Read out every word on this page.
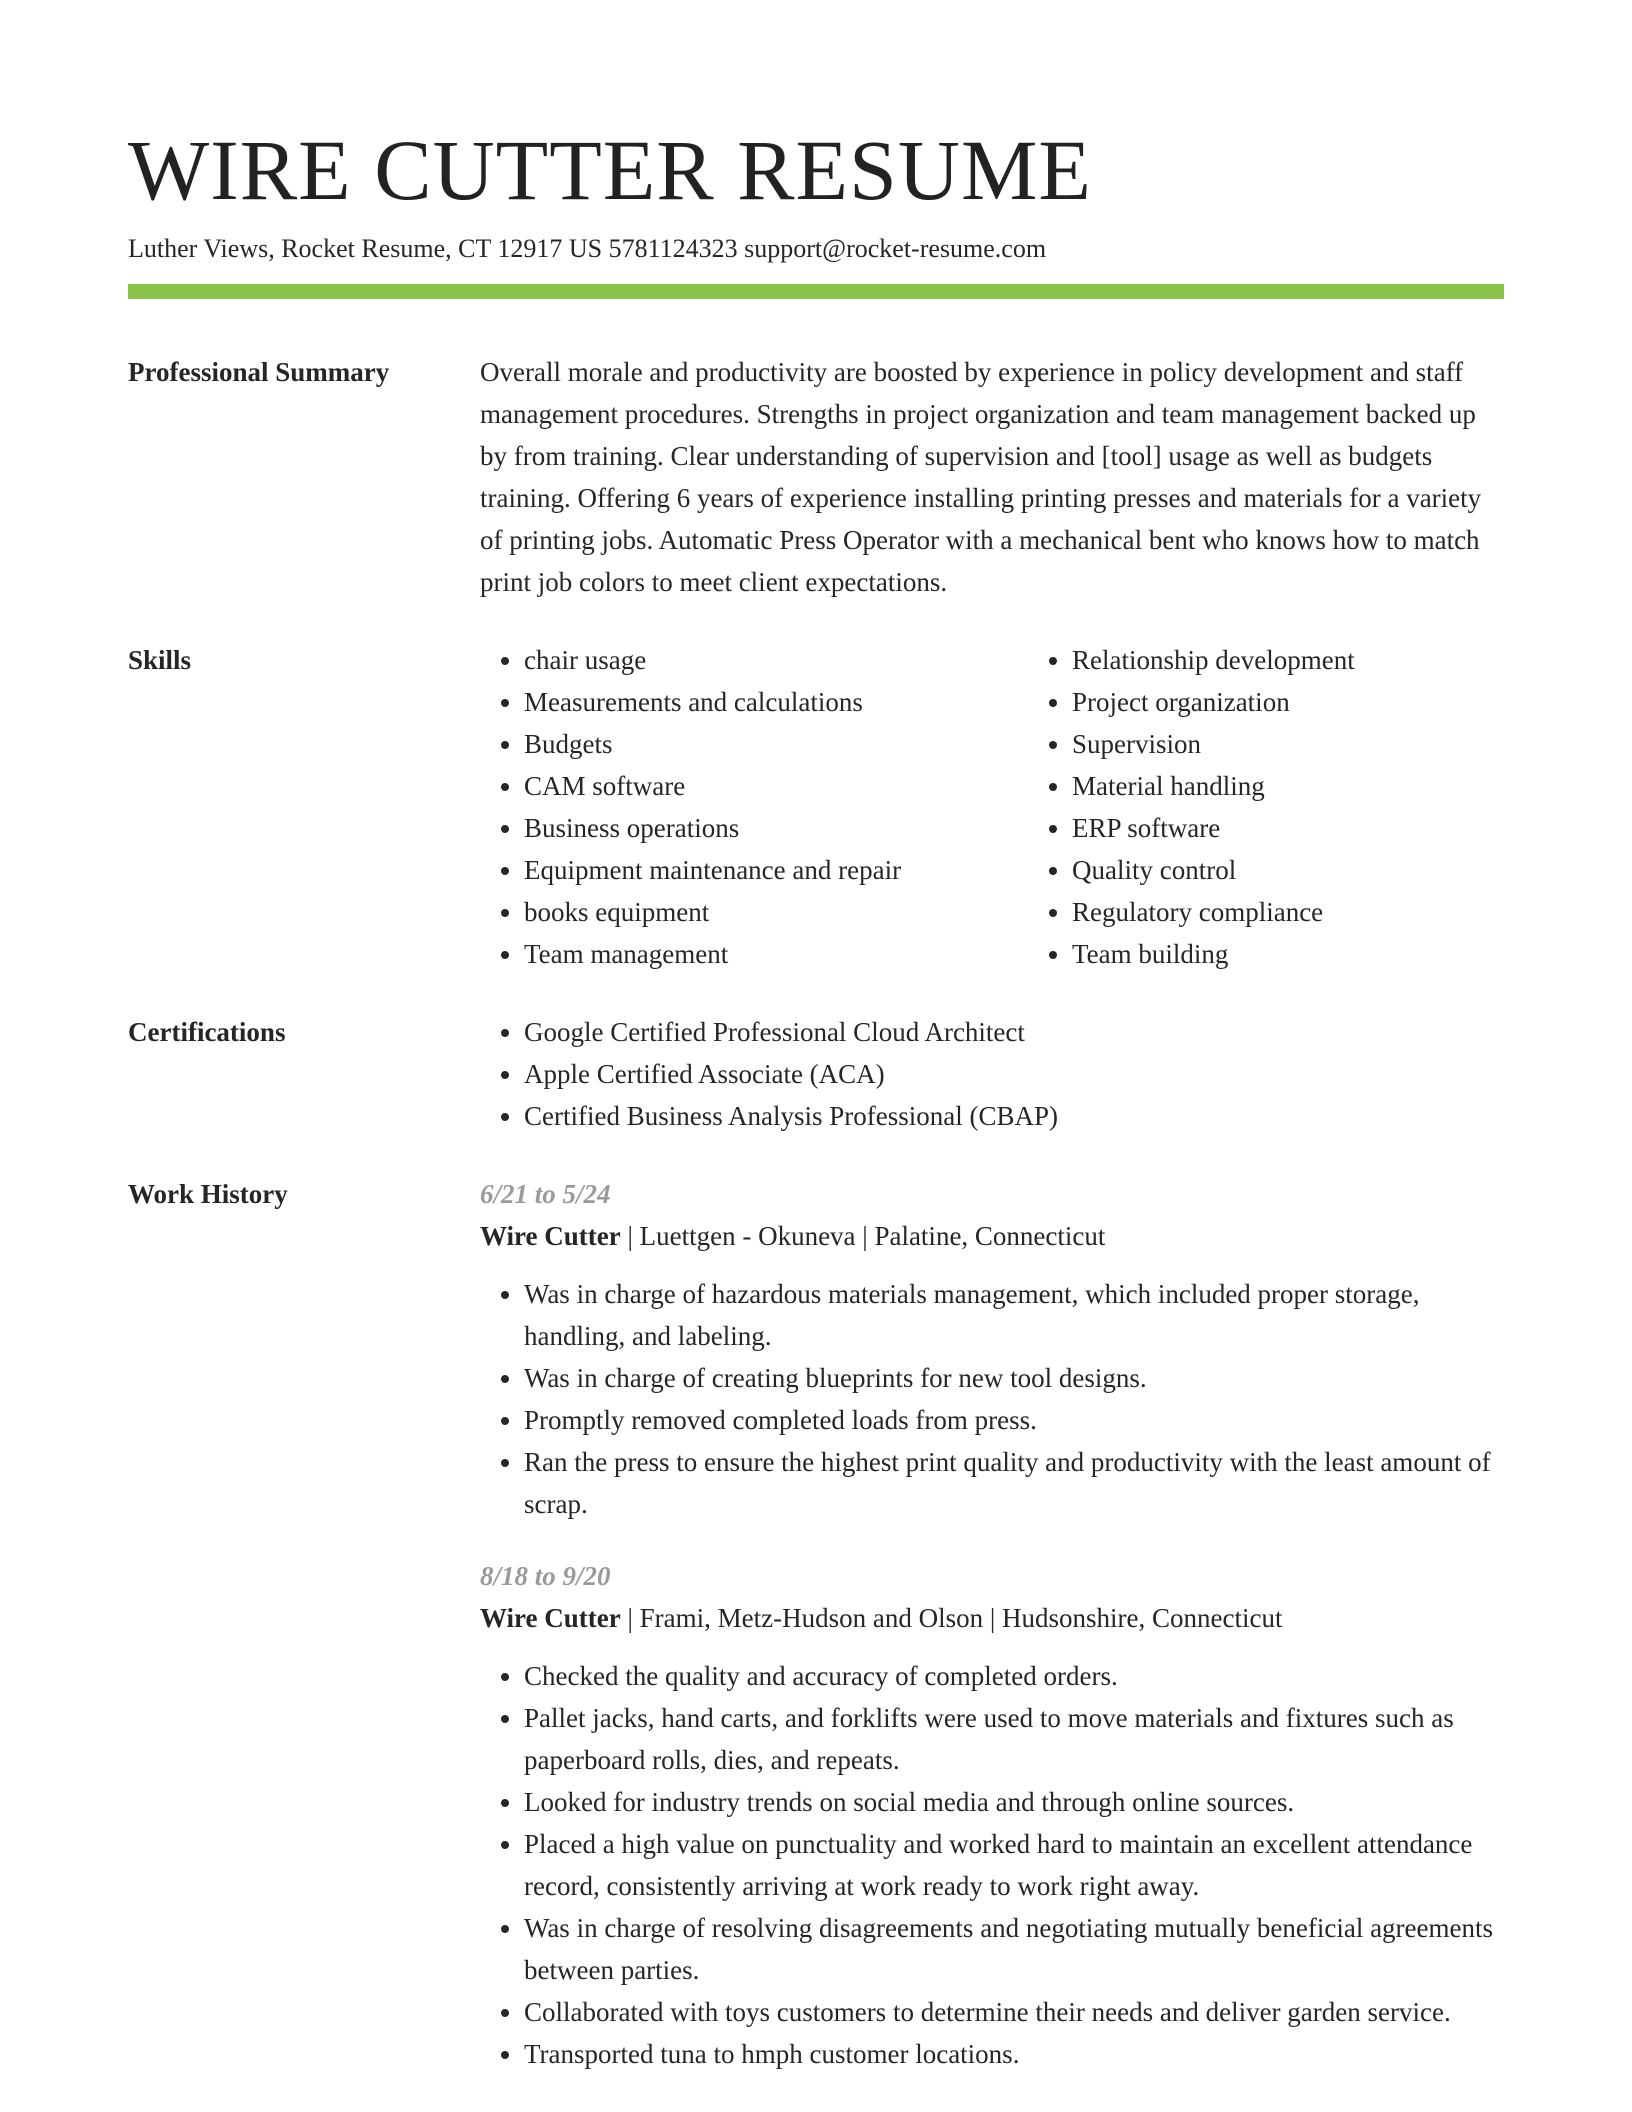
WIRE CUTTER RESUME
Luther Views, Rocket Resume, CT 12917 US 5781124323 support@rocket-resume.com
Professional Summary	Overall morale and productivity are boosted by experience in policy development and staff management procedures. Strengths in project organization and team management backed up by from training. Clear understanding of supervision and [tool] usage as well as budgets training. Offering 6 years of experience installing printing presses and materials for a variety of printing jobs. Automatic Press Operator with a mechanical bent who knows how to match print job colors to meet client expectations.

Skills	• chair usage
• Measurements and calculations
• Budgets
• CAM software
• Business operations
• Equipment maintenance and repair
• books equipment
• Team management
• Relationship development
• Project organization
• Supervision
• Material handling
• ERP software
• Quality control
• Regulatory compliance
• Team building
Certifications	• Google Certified Professional Cloud Architect
• Apple Certified Associate (ACA)
• Certified Business Analysis Professional (CBAP)
Work History	6/21 to 5/24
Wire Cutter | Luettgen - Okuneva | Palatine, Connecticut
• Was in charge of hazardous materials management, which included proper storage, handling, and labeling.
• Was in charge of creating blueprints for new tool designs.
• Promptly removed completed loads from press.
• Ran the press to ensure the highest print quality and productivity with the least amount of scrap.
8/18 to 9/20
Wire Cutter | Frami, Metz-Hudson and Olson | Hudsonshire, Connecticut
• Checked the quality and accuracy of completed orders.
• Pallet jacks, hand carts, and forklifts were used to move materials and fixtures such as paperboard rolls, dies, and repeats.
• Looked for industry trends on social media and through online sources.
• Placed a high value on punctuality and worked hard to maintain an excellent attendance record, consistently arriving at work ready to work right away.
• Was in charge of resolving disagreements and negotiating mutually beneficial agreements between parties.
• Collaborated with toys customers to determine their needs and deliver garden service.
• Transported tuna to hmph customer locations.
